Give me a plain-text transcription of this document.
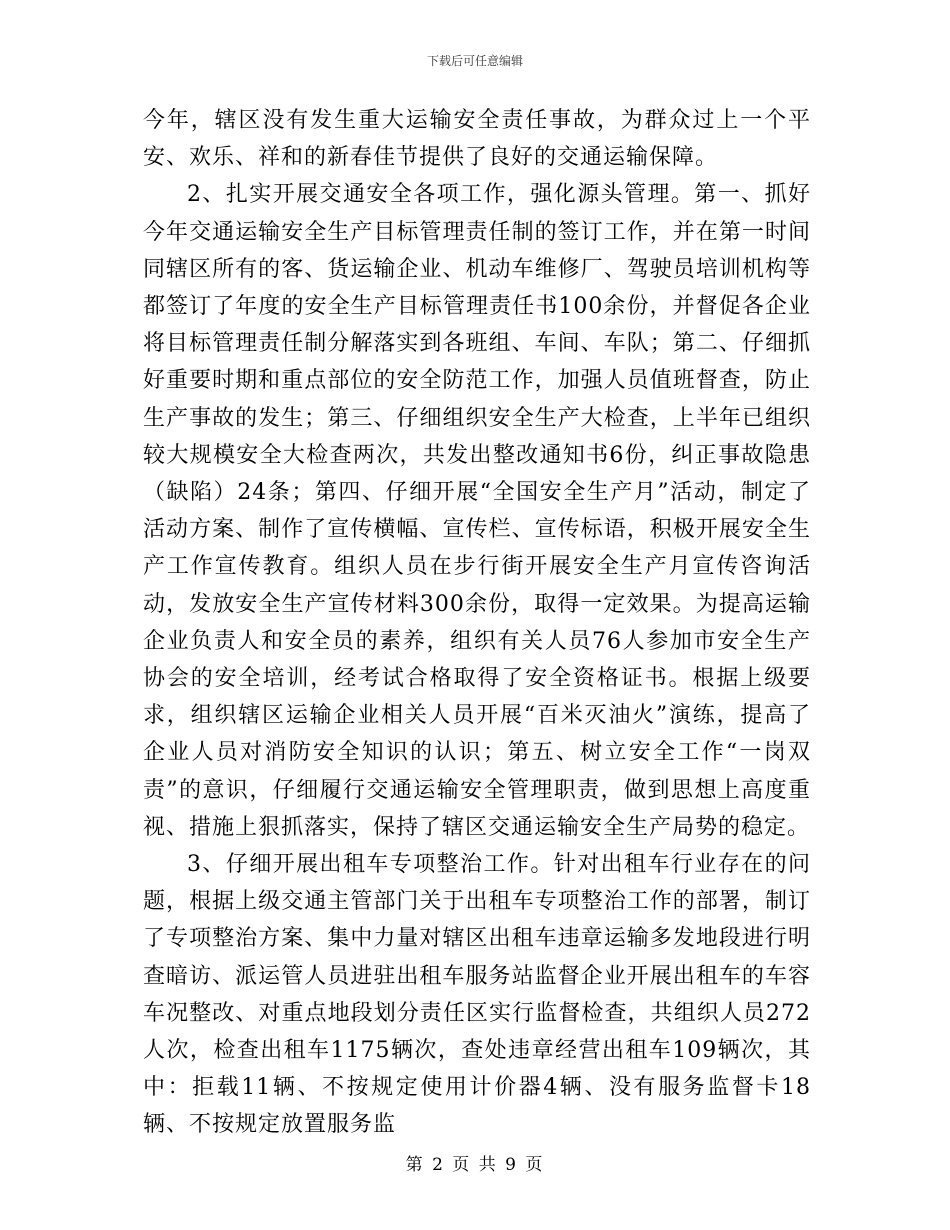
下载后可任意编辑

今年，辖区没有发生重大运输安全责任事故，为群众过上一个平安、欢乐、祥和的新春佳节提供了良好的交通运输保障。

2、扎实开展交通安全各项工作，强化源头管理。第一、抓好今年交通运输安全生产目标管理责任制的签订工作，并在第一时间同辖区所有的客、货运输企业、机动车维修厂、驾驶员培训机构等都签订了年度的安全生产目标管理责任书100余份，并督促各企业将目标管理责任制分解落实到各班组、车间、车队；第二、仔细抓好重要时期和重点部位的安全防范工作，加强人员值班督查，防止生产事故的发生；第三、仔细组织安全生产大检查，上半年已组织较大规模安全大检查两次，共发出整改通知书6份，纠正事故隐患（缺陷）24条；第四、仔细开展“全国安全生产月”活动，制定了活动方案、制作了宣传横幅、宣传栏、宣传标语，积极开展安全生产工作宣传教育。组织人员在步行街开展安全生产月宣传咨询活动，发放安全生产宣传材料300余份，取得一定效果。为提高运输企业负责人和安全员的素养，组织有关人员76人参加市安全生产协会的安全培训，经考试合格取得了安全资格证书。根据上级要求，组织辖区运输企业相关人员开展“百米灭油火”演练，提高了企业人员对消防安全知识的认识；第五、树立安全工作“一岗双责”的意识，仔细履行交通运输安全管理职责，做到思想上高度重视、措施上狠抓落实，保持了辖区交通运输安全生产局势的稳定。

3、仔细开展出租车专项整治工作。针对出租车行业存在的问题，根据上级交通主管部门关于出租车专项整治工作的部署，制订了专项整治方案、集中力量对辖区出租车违章运输多发地段进行明查暗访、派运管人员进驻出租车服务站监督企业开展出租车的车容车况整改、对重点地段划分责任区实行监督检查，共组织人员272人次，检查出租车1175辆次，查处违章经营出租车109辆次，其中：拒载11辆、不按规定使用计价器4辆、没有服务监督卡18辆、不按规定放置服务监

第 2 页 共 9 页
